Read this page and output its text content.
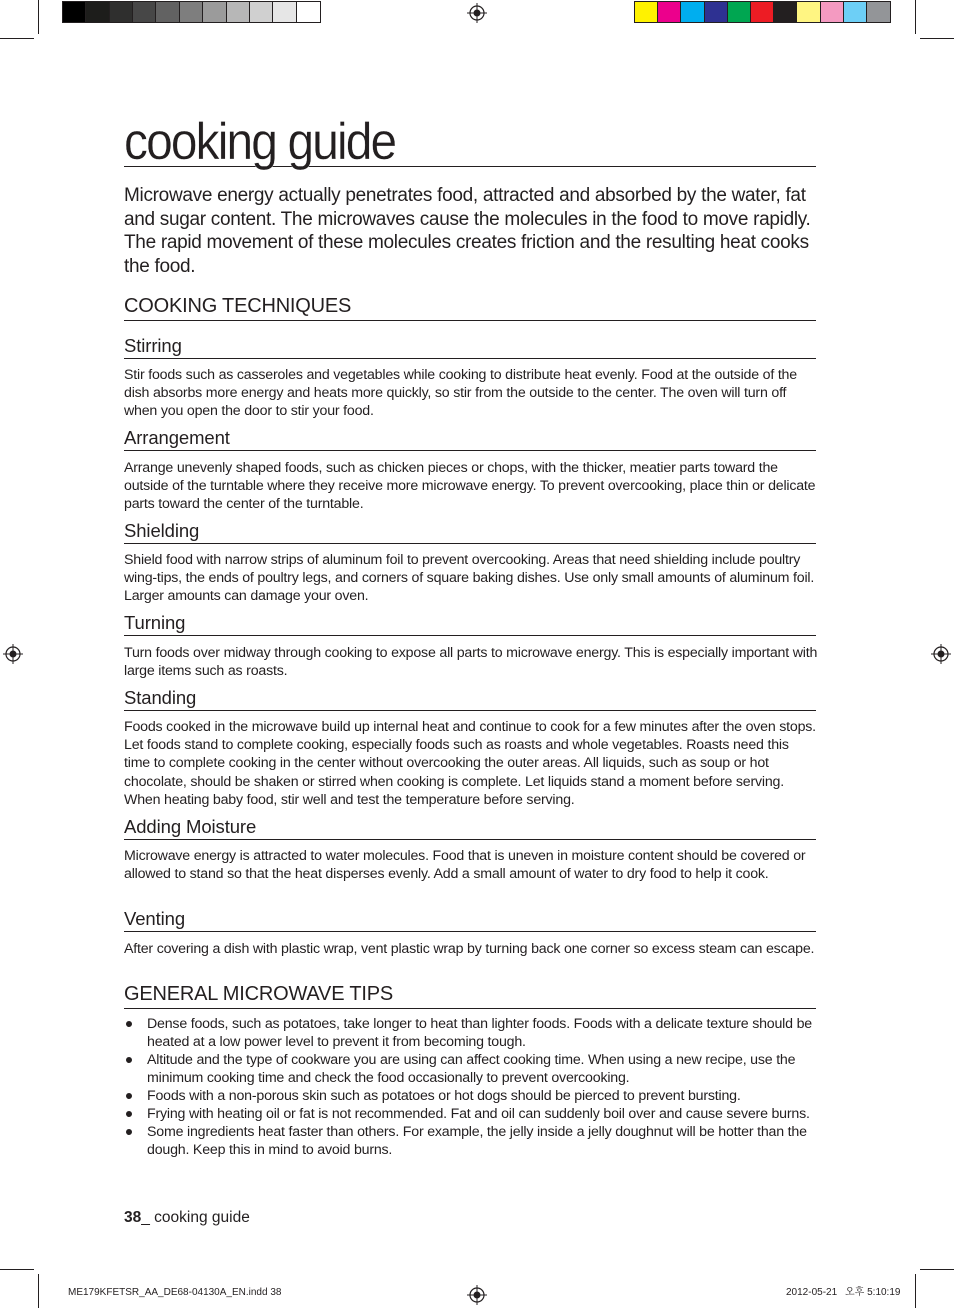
cooking guide
Microwave energy actually penetrates food, attracted and absorbed by the water, fat and sugar content. The microwaves cause the molecules in the food to move rapidly. The rapid movement of these molecules creates friction and the resulting heat cooks the food.
COOKING TECHNIQUES
Stirring
Stir foods such as casseroles and vegetables while cooking to distribute heat evenly. Food at the outside of the dish absorbs more energy and heats more quickly, so stir from the outside to the center. The oven will turn off when you open the door to stir your food.
Arrangement
Arrange unevenly shaped foods, such as chicken pieces or chops, with the thicker, meatier parts toward the outside of the turntable where they receive more microwave energy. To prevent overcooking, place thin or delicate parts toward the center of the turntable.
Shielding
Shield food with narrow strips of aluminum foil to prevent overcooking. Areas that need shielding include poultry wing-tips, the ends of poultry legs, and corners of square baking dishes. Use only small amounts of aluminum foil. Larger amounts can damage your oven.
Turning
Turn foods over midway through cooking to expose all parts to microwave energy. This is especially important with large items such as roasts.
Standing
Foods cooked in the microwave build up internal heat and continue to cook for a few minutes after the oven stops. Let foods stand to complete cooking, especially foods such as roasts and whole vegetables. Roasts need this time to complete cooking in the center without overcooking the outer areas. All liquids, such as soup or hot chocolate, should be shaken or stirred when cooking is complete. Let liquids stand a moment before serving. When heating baby food, stir well and test the temperature before serving.
Adding Moisture
Microwave energy is attracted to water molecules. Food that is uneven in moisture content should be covered or allowed to stand so that the heat disperses evenly. Add a small amount of water to dry food to help it cook.
Venting
After covering a dish with plastic wrap, vent plastic wrap by turning back one corner so excess steam can escape.
GENERAL MICROWAVE TIPS
Dense foods, such as potatoes, take longer to heat than lighter foods. Foods with a delicate texture should be heated at a low power level to prevent it from becoming tough.
Altitude and the type of cookware you are using can affect cooking time. When using a new recipe, use the minimum cooking time and check the food occasionally to prevent overcooking.
Foods with a non-porous skin such as potatoes or hot dogs should be pierced to prevent bursting.
Frying with heating oil or fat is not recommended. Fat and oil can suddenly boil over and cause severe burns.
Some ingredients heat faster than others. For example, the jelly inside a jelly doughnut will be hotter than the dough. Keep this in mind to avoid burns.
38_ cooking guide
ME179KFETSR_AA_DE68-04130A_EN.indd 38	2012-05-21 오후 5:10:19
